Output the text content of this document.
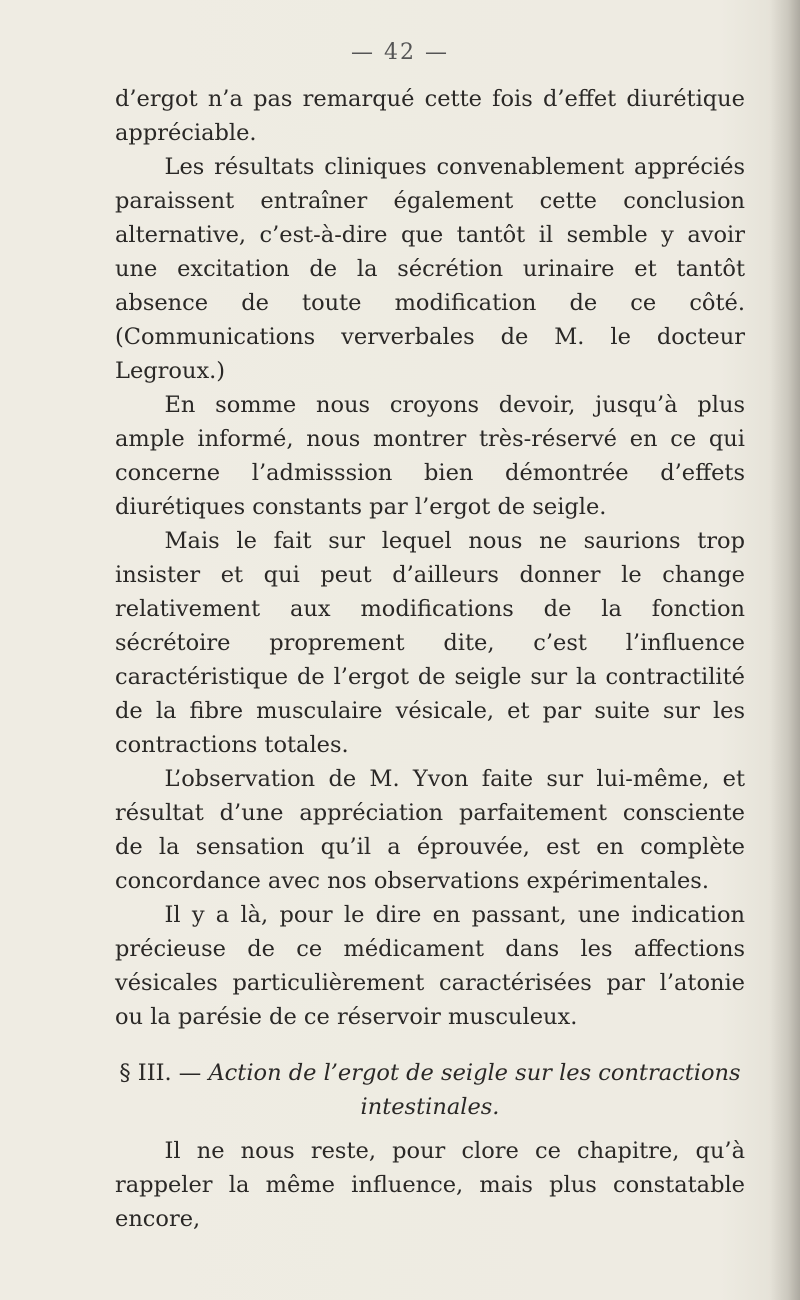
— 42 —

d’ergot n’a pas remarqué cette fois d’effet diurétique appréciable.

Les résultats cliniques convenablement appréciés paraissent entraîner également cette conclusion alternative, c’est-à-dire que tantôt il semble y avoir une excitation de la sécrétion urinaire et tantôt absence de toute modification de ce côté. (Communications ververbales de M. le docteur Legroux.)

En somme nous croyons devoir, jusqu’à plus ample informé, nous montrer très-réservé en ce qui concerne l’admisssion bien démontrée d’effets diurétiques constants par l’ergot de seigle.

Mais le fait sur lequel nous ne saurions trop insister et qui peut d’ailleurs donner le change relativement aux modifications de la fonction sécrétoire proprement dite, c’est l’influence caractéristique de l’ergot de seigle sur la contractilité de la fibre musculaire vésicale, et par suite sur les contractions totales.

L’observation de M. Yvon faite sur lui-même, et résultat d’une appréciation parfaitement consciente de la sensation qu’il a éprouvée, est en complète concordance avec nos observations expérimentales.

Il y a là, pour le dire en passant, une indication précieuse de ce médicament dans les affections vésicales particulièrement caractérisées par l’atonie ou la parésie de ce réservoir musculeux.

§ III. — Action de l’ergot de seigle sur les contractions
intestinales.

Il ne nous reste, pour clore ce chapitre, qu’à rappeler la même influence, mais plus constatable encore,
